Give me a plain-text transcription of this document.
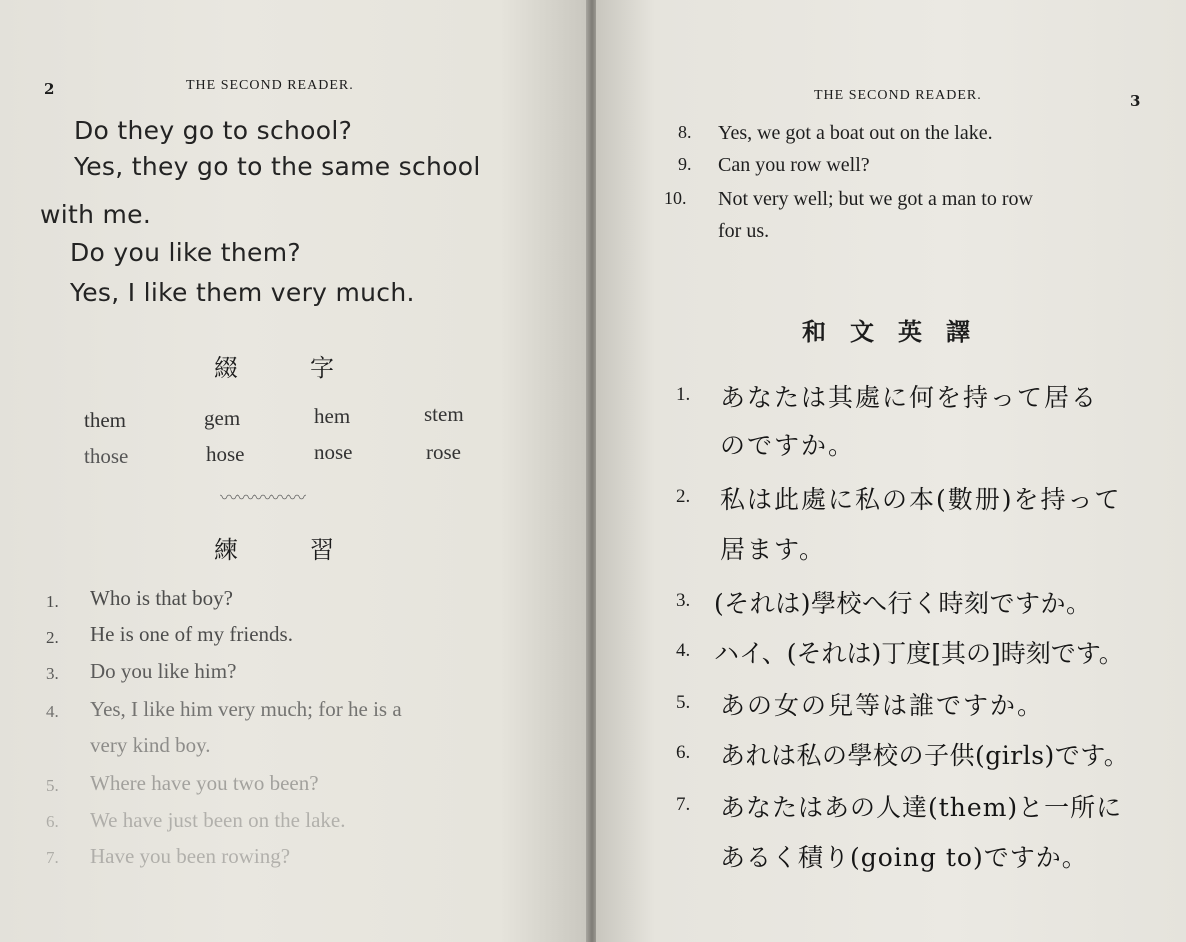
2	THE SECOND READER.
Do they go to school?
Yes, they go to the same school
with me.
Do you like them?
Yes, I like them very much.
綴　　　字
them	gem	hem	stem
those	hose	nose	rose
〰〰〰〰〰
練　　　習
1. Who is that boy?
2. He is one of my friends.
3. Do you like him?
4. Yes, I like him very much; for he is a
very kind boy.
5. Where have you two been?
6. We have just been on the lake.
7. Have you been rowing?
THE SECOND READER.	3
8. Yes, we got a boat out on the lake.
9. Can you row well?
10. Not very well; but we got a man to row
for us.
和　文　英　譯
1. あなたは其處に何を持って居る
のですか。
2. 私は此處に私の本(數册)を持って
居ます。
3. (それは)學校へ行く時刻ですか。
4. ハイ、(それは)丁度[其の]時刻です。
5. あの女の兒等は誰ですか。
6. あれは私の學校の子供(girls)です。
7. あなたはあの人達(them)と一所に
あるく積り(going to)ですか。
